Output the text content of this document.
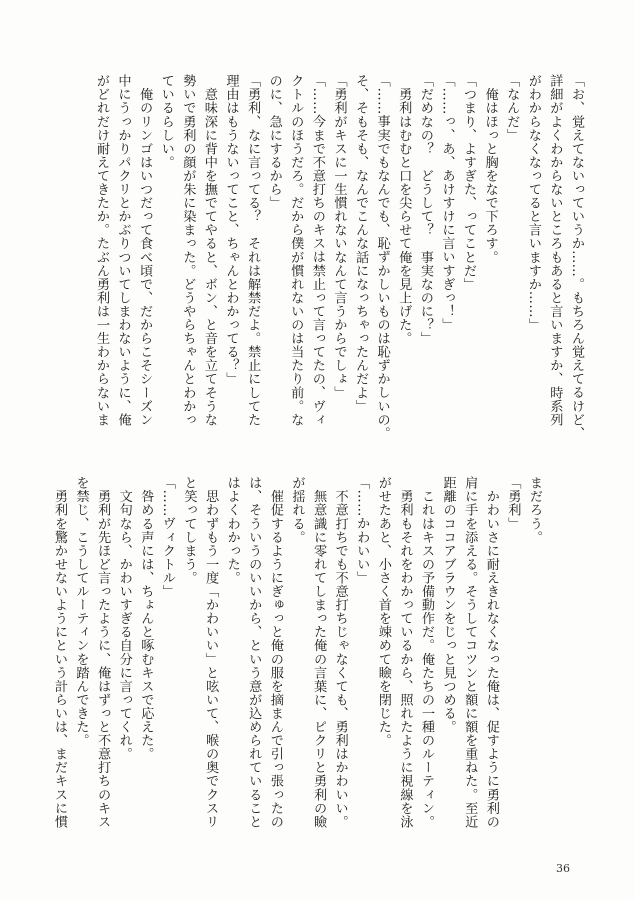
「お、覚えてないっていうか……。もちろん覚えてるけど、
詳細がよくわからないところもあると言いますか、時系列
がわからなくなってると言いますか……」
「なんだ」
　俺はほっと胸をなで下ろす。
「つまり、よすぎた、ってことだ」
「……っ、あ、あけすけに言いすぎっ！」
「だめなの？　どうして？　事実なのに？」
　勇利はむむと口を尖らせて俺を見上げた。
「……事実でもなんでも、恥ずかしいものは恥ずかしいの。
そ、そもそも、なんでこんな話になっちゃったんだよ」
「勇利がキスに一生慣れないなんて言うからでしょ」
「……今まで不意打ちのキスは禁止って言ってたの、ヴィ
クトルのほうだろ。だから僕が慣れないのは当たり前。な
のに、急にするから」
「勇利、なに言ってる？　それは解禁だよ。禁止にしてた
理由はもうないってこと、ちゃんとわかってる？」
　意味深に背中を撫でてやると、ボン、と音を立てそうな
勢いで勇利の顔が朱に染まった。どうやらちゃんとわかっ
ているらしい。
　俺のリンゴはいつだって食べ頃で、だからこそシーズン
中にうっかりパクリとかぶりついてしまわないように、俺
がどれだけ耐えてきたか。たぶん勇利は一生わからないま
まだろう。
「勇利」
　かわいさに耐えきれなくなった俺は、促すように勇利の
肩に手を添える。そうしてコツンと額に額を重ねた。至近
距離のココアブラウンをじっと見つめる。
　これはキスの予備動作だ。俺たちの一種のルーティン。
　勇利もそれをわかっているから、照れたように視線を泳
がせたあと、小さく首を竦めて瞼を閉じた。
「……かわいい」
　不意打ちでも不意打ちじゃなくても、勇利はかわいい。
　無意識に零れてしまった俺の言葉に、ピクリと勇利の瞼
が揺れる。
　催促するようにぎゅっと俺の服を摘まんで引っ張ったの
は、そういうのいいから、という意が込められていること
はよくわかった。
　思わずもう一度「かわいい」と呟いて、喉の奥でクスリ
と笑ってしまう。
「……ヴィクトル」
　咎める声には、ちょんと啄むキスで応えた。
　文句なら、かわいすぎる自分に言ってくれ。
　勇利が先ほど言ったように、俺はずっと不意打ちのキス
を禁じ、こうしてルーティンを踏んできた。
　勇利を驚かせないようにという計らいは、まだキスに慣
36
